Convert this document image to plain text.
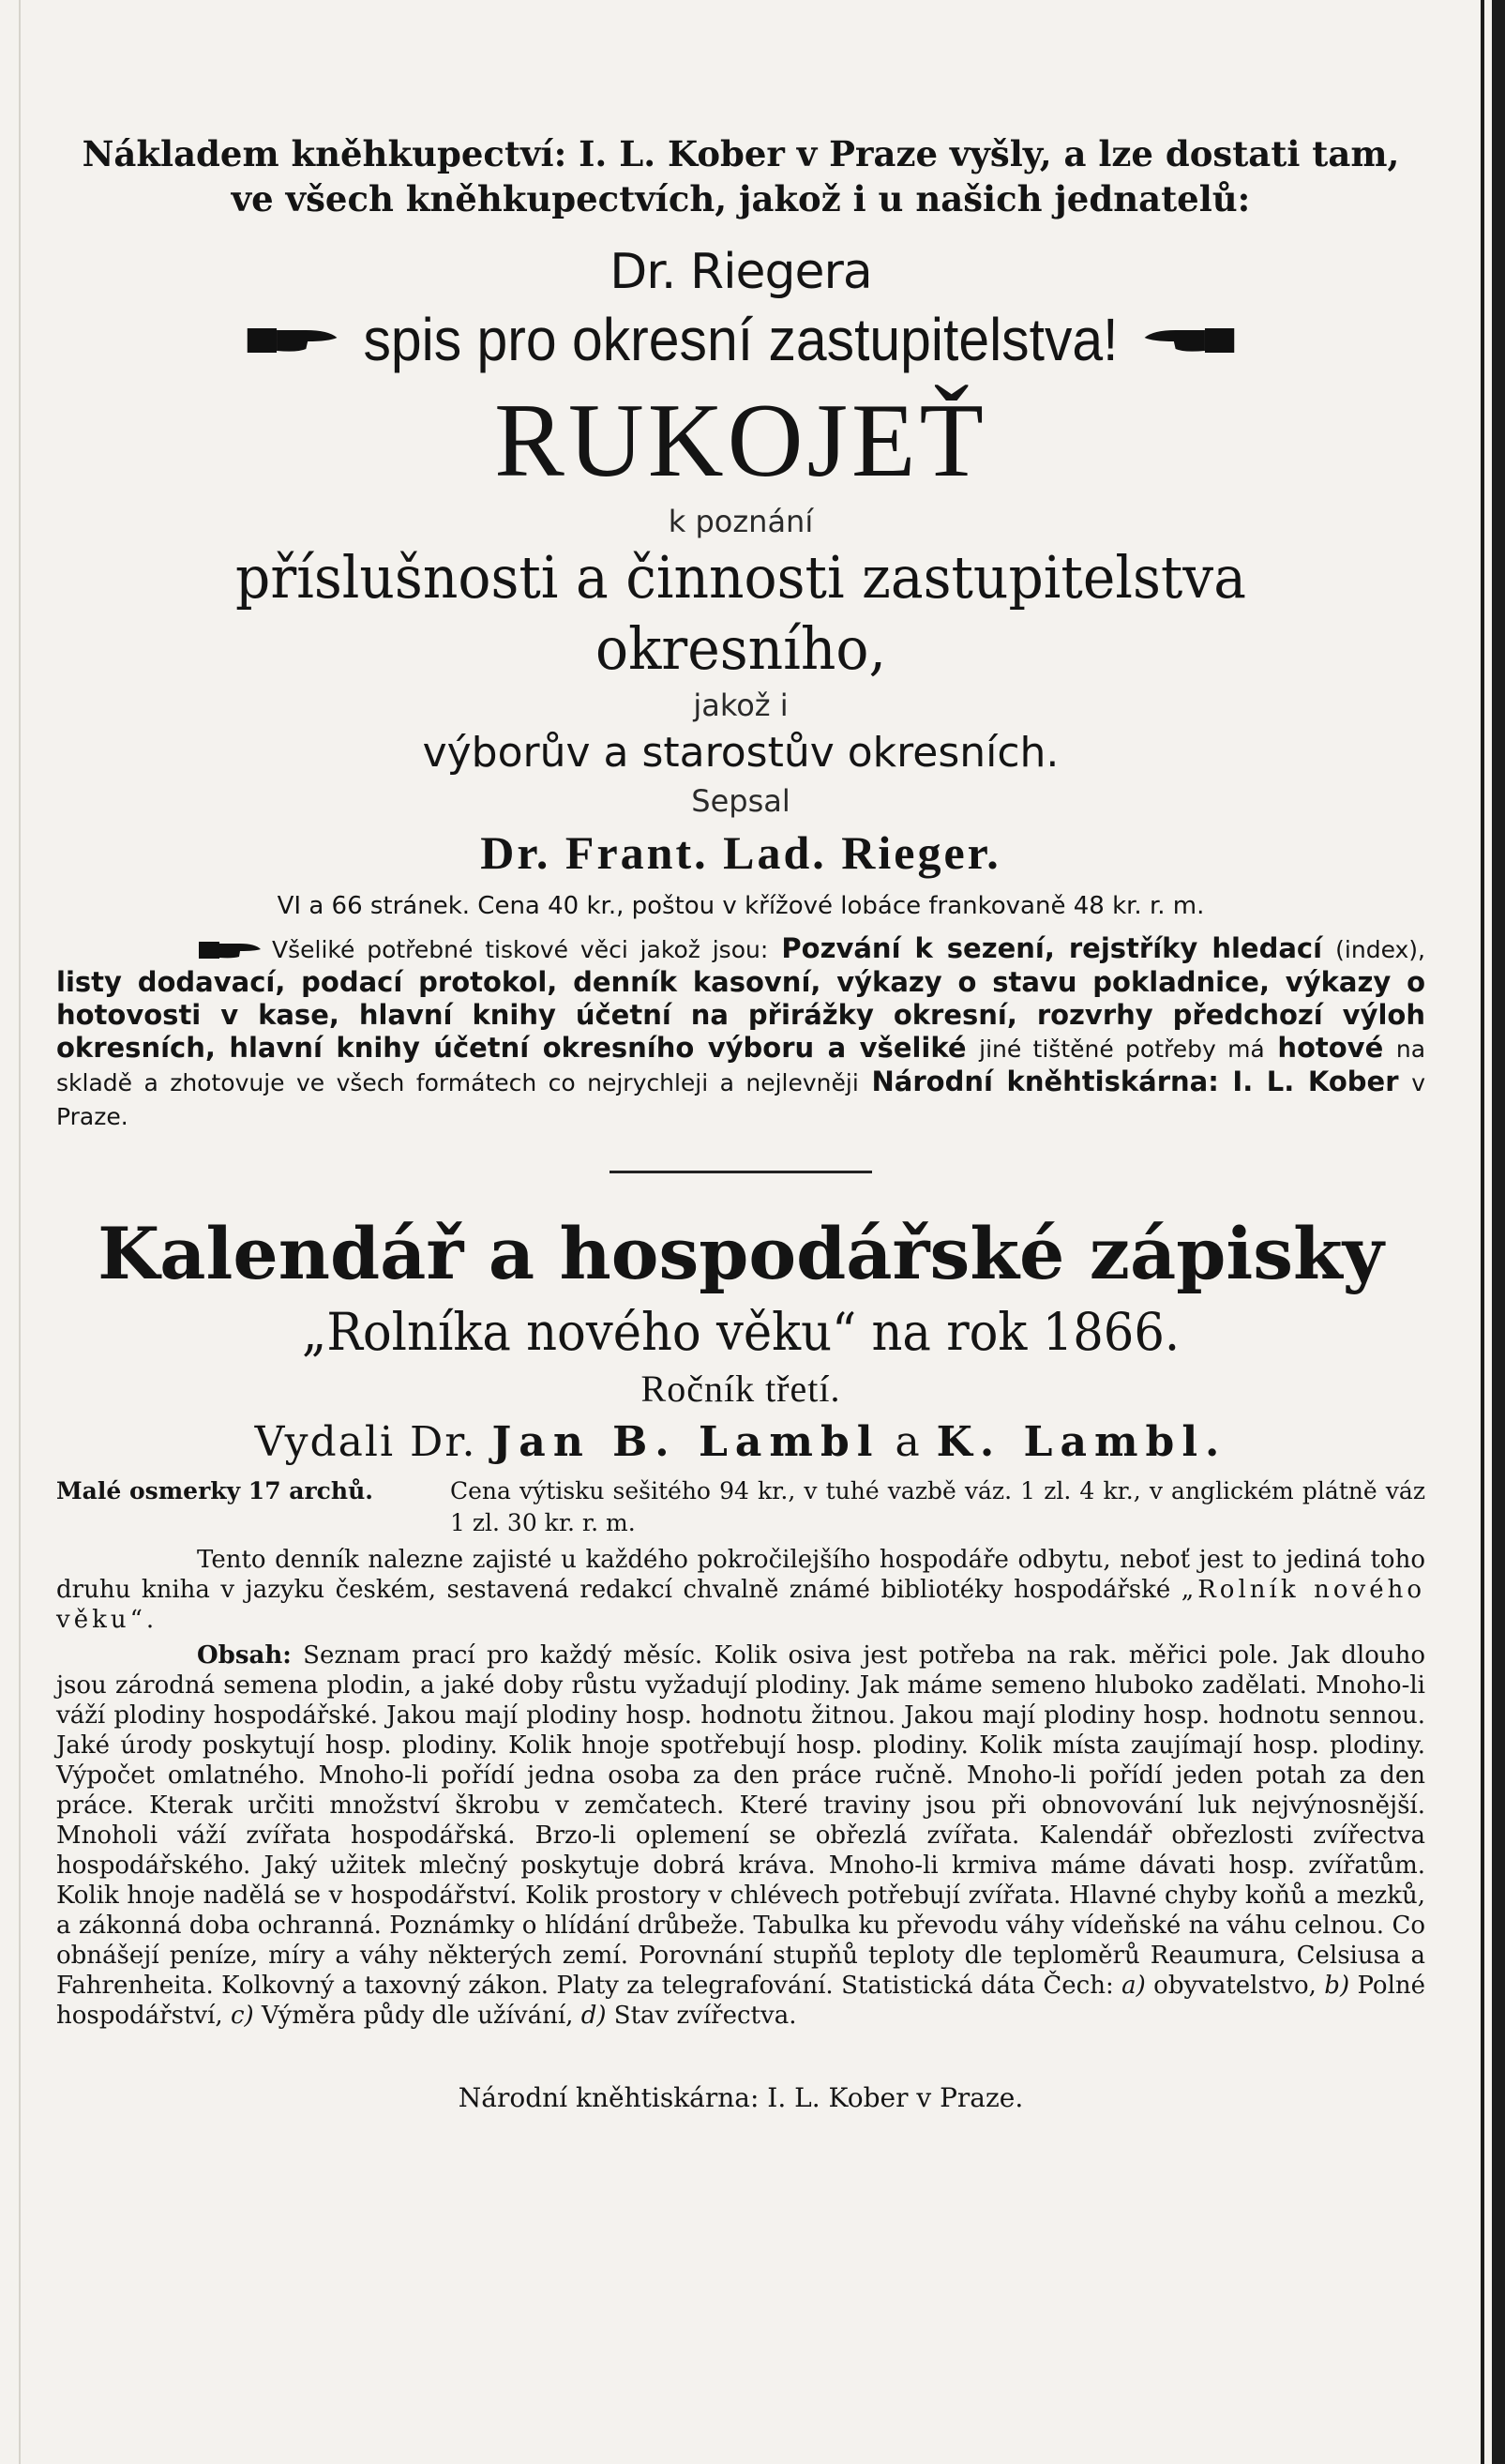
Nákladem kněhkupectví: I. L. Kober v Praze vyšly, a lze dostati tam, ve všech kněhkupectvích, jakož i u našich jednatelů:

Dr. Riegera

spis pro okresní zastupitelstva!

RUKOJEŤ

k poznání

příslušnosti a činnosti zastupitelstva okresního,

jakož i

výborův a starostův okresních.

Sepsal

Dr. Frant. Lad. Rieger.

VI a 66 stránek. Cena 40 kr., poštou v křížové lobáce frankovaně 48 kr. r. m.

Všeliké potřebné tiskové věci jakož jsou: Pozvání k sezení, rejstříky hledací (index), listy dodavací, podací protokol, denník kasovní, výkazy o stavu pokladnice, výkazy o hotovosti v kase, hlavní knihy účetní na přirážky okresní, rozvrhy předchozí výloh okresních, hlavní knihy účetní okresního výboru a všeliké jiné tištěné potřeby má hotové na skladě a zhotovuje ve všech formátech co nejrychleji a nejlevněji Národní kněhtiskárna: I. L. Kober v Praze.

Kalendář a hospodářské zápisky

„Rolníka nového věku“ na rok 1866.

Ročník třetí.

Vydali Dr. Jan B. Lambl a K. Lambl.

Malé osmerky 17 archů.	Cena výtisku sešitého 94 kr., v tuhé vazbě váz. 1 zl. 4 kr., v anglickém plátně váz 1 zl. 30 kr. r. m.

Tento denník nalezne zajisté u každého pokročilejšího hospodáře odbytu, neboť jest to jediná toho druhu kniha v jazyku českém, sestavená redakcí chvalně známé bibliotéky hospodářské „Rolník nového věku“.

Obsah: Seznam prací pro každý měsíc. Kolik osiva jest potřeba na rak. měřici pole. Jak dlouho jsou zárodná semena plodin, a jaké doby růstu vyžadují plodiny. Jak máme semeno hluboko zadělati. Mnoho-li váží plodiny hospodářské. Jakou mají plodiny hosp. hodnotu žitnou. Jakou mají plodiny hosp. hodnotu sennou. Jaké úrody poskytují hosp. plodiny. Kolik hnoje spotřebují hosp. plodiny. Kolik místa zaujímají hosp. plodiny. Výpočet omlatného. Mnoho-li pořídí jedna osoba za den práce ručně. Mnoho-li pořídí jeden potah za den práce. Kterak určiti množství škrobu v zemčatech. Které traviny jsou při obnovování luk nejvýnosnější. Mnoholi váží zvířata hospodářská. Brzo-li oplemení se obřezlá zvířata. Kalendář obřezlosti zvířectva hospodářského. Jaký užitek mlečný poskytuje dobrá kráva. Mnoho-li krmiva máme dávati hosp. zvířatům. Kolik hnoje nadělá se v hospodářství. Kolik prostory v chlévech potřebují zvířata. Hlavné chyby koňů a mezků, a zákonná doba ochranná. Poznámky o hlídání drůbeže. Tabulka ku převodu váhy vídeňské na váhu celnou. Co obnášejí peníze, míry a váhy některých zemí. Porovnání stupňů teploty dle teploměrů Reaumura, Celsiusa a Fahrenheita. Kolkovný a taxovný zákon. Platy za telegrafování. Statistická dáta Čech: a) obyvatelstvo, b) Polné hospodářství, c) Výměra půdy dle užívání, d) Stav zvířectva.

Národní kněhtiskárna: I. L. Kober v Praze.
